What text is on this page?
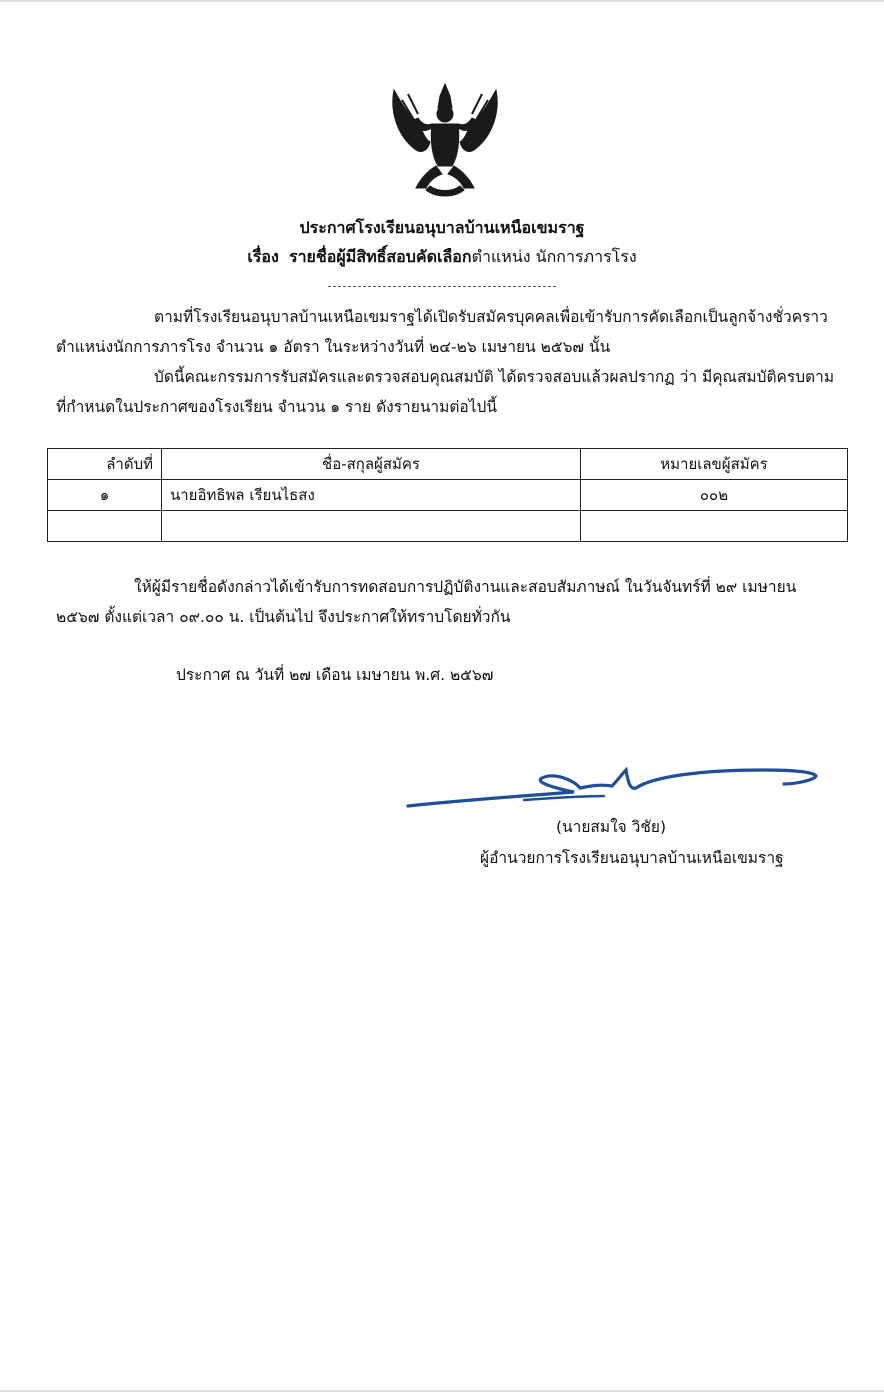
ประกาศโรงเรียนอนุบาลบ้านเหนือเขมราฐ
เรื่อง รายชื่อผู้มีสิทธิ์สอบคัดเลือกตำแหน่ง นักการภารโรง
ตามที่โรงเรียนอนุบาลบ้านเหนือเขมราฐได้เปิดรับสมัครบุคคลเพื่อเข้ารับการคัดเลือกเป็นลูกจ้างชั่วคราว ตำแหน่งนักการภารโรง จำนวน ๑ อัตรา ในระหว่างวันที่ ๒๔-๒๖ เมษายน ๒๕๖๗ นั้น
บัดนี้คณะกรรมการรับสมัครและตรวจสอบคุณสมบัติ ได้ตรวจสอบแล้วผลปรากฏ ว่า มีคุณสมบัติครบตามที่กำหนดในประกาศของโรงเรียน จำนวน ๑ ราย ดังรายนามต่อไปนี้
ลำดับที่	ชื่อ-สกุลผู้สมัคร	หมายเลขผู้สมัคร
๑	นายอิทธิพล เรียนไธสง	๐๐๒

ให้ผู้มีรายชื่อดังกล่าวได้เข้ารับการทดสอบการปฏิบัติงานและสอบสัมภาษณ์ ในวันจันทร์ที่ ๒๙ เมษายน ๒๕๖๗ ตั้งแต่เวลา ๐๙.๐๐ น. เป็นต้นไป จึงประกาศให้ทราบโดยทั่วกัน
ประกาศ ณ วันที่ ๒๗ เดือน เมษายน พ.ศ. ๒๕๖๗
(นายสมใจ วิชัย)
ผู้อำนวยการโรงเรียนอนุบาลบ้านเหนือเขมราฐ
